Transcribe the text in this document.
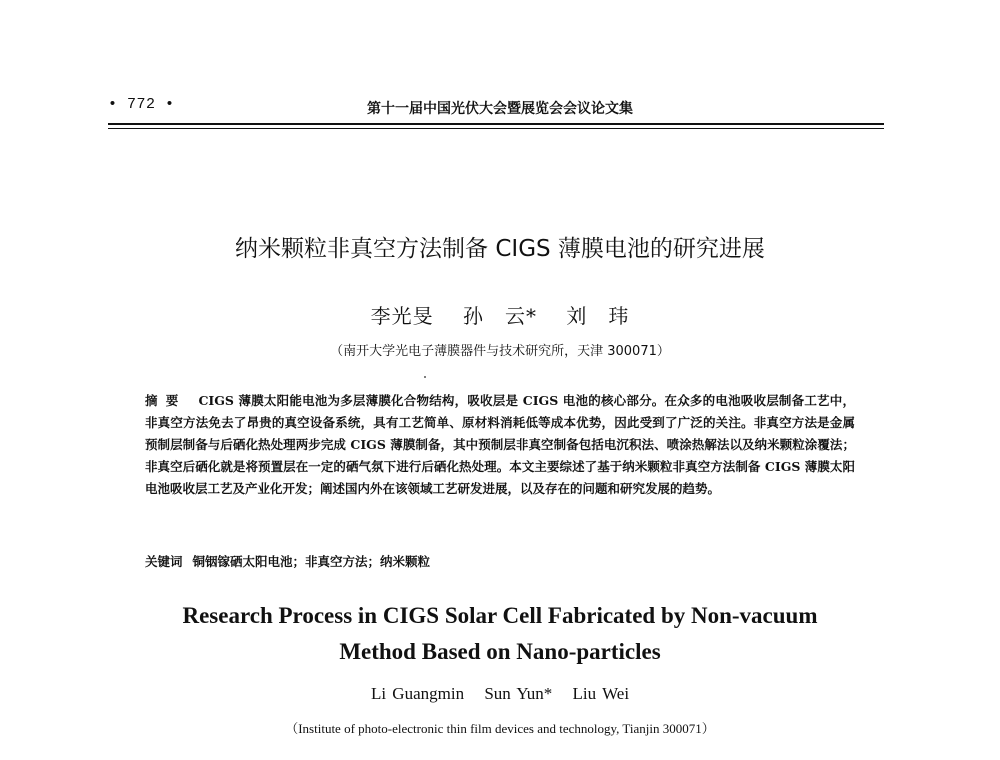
• 772 •	第十一届中国光伏大会暨展览会会议论文集
纳米颗粒非真空方法制备 CIGS 薄膜电池的研究进展
李光旻 孙　云* 刘　玮
（南开大学光电子薄膜器件与技术研究所，天津 300071）
摘要 CIGS 薄膜太阳能电池为多层薄膜化合物结构，吸收层是 CIGS 电池的核心部分。在众多的电池吸收层制备工艺中，非真空方法免去了昂贵的真空设备系统，具有工艺简单、原材料消耗低等成本优势，因此受到了广泛的关注。非真空方法是金属预制层制备与后硒化热处理两步完成 CIGS 薄膜制备，其中预制层非真空制备包括电沉积法、喷涂热解法以及纳米颗粒涂覆法；非真空后硒化就是将预置层在一定的硒气氛下进行后硒化热处理。本文主要综述了基于纳米颗粒非真空方法制备 CIGS 薄膜太阳电池吸收层工艺及产业化开发；阐述国内外在该领域工艺研发进展，以及存在的问题和研究发展的趋势。
关键词 铜铟镓硒太阳电池；非真空方法；纳米颗粒
Research Process in CIGS Solar Cell Fabricated by Non-vacuum
Method Based on Nano-particles
Li Guangmin Sun Yun* Liu Wei
（Institute of photo-electronic thin film devices and technology, Tianjin 300071）
